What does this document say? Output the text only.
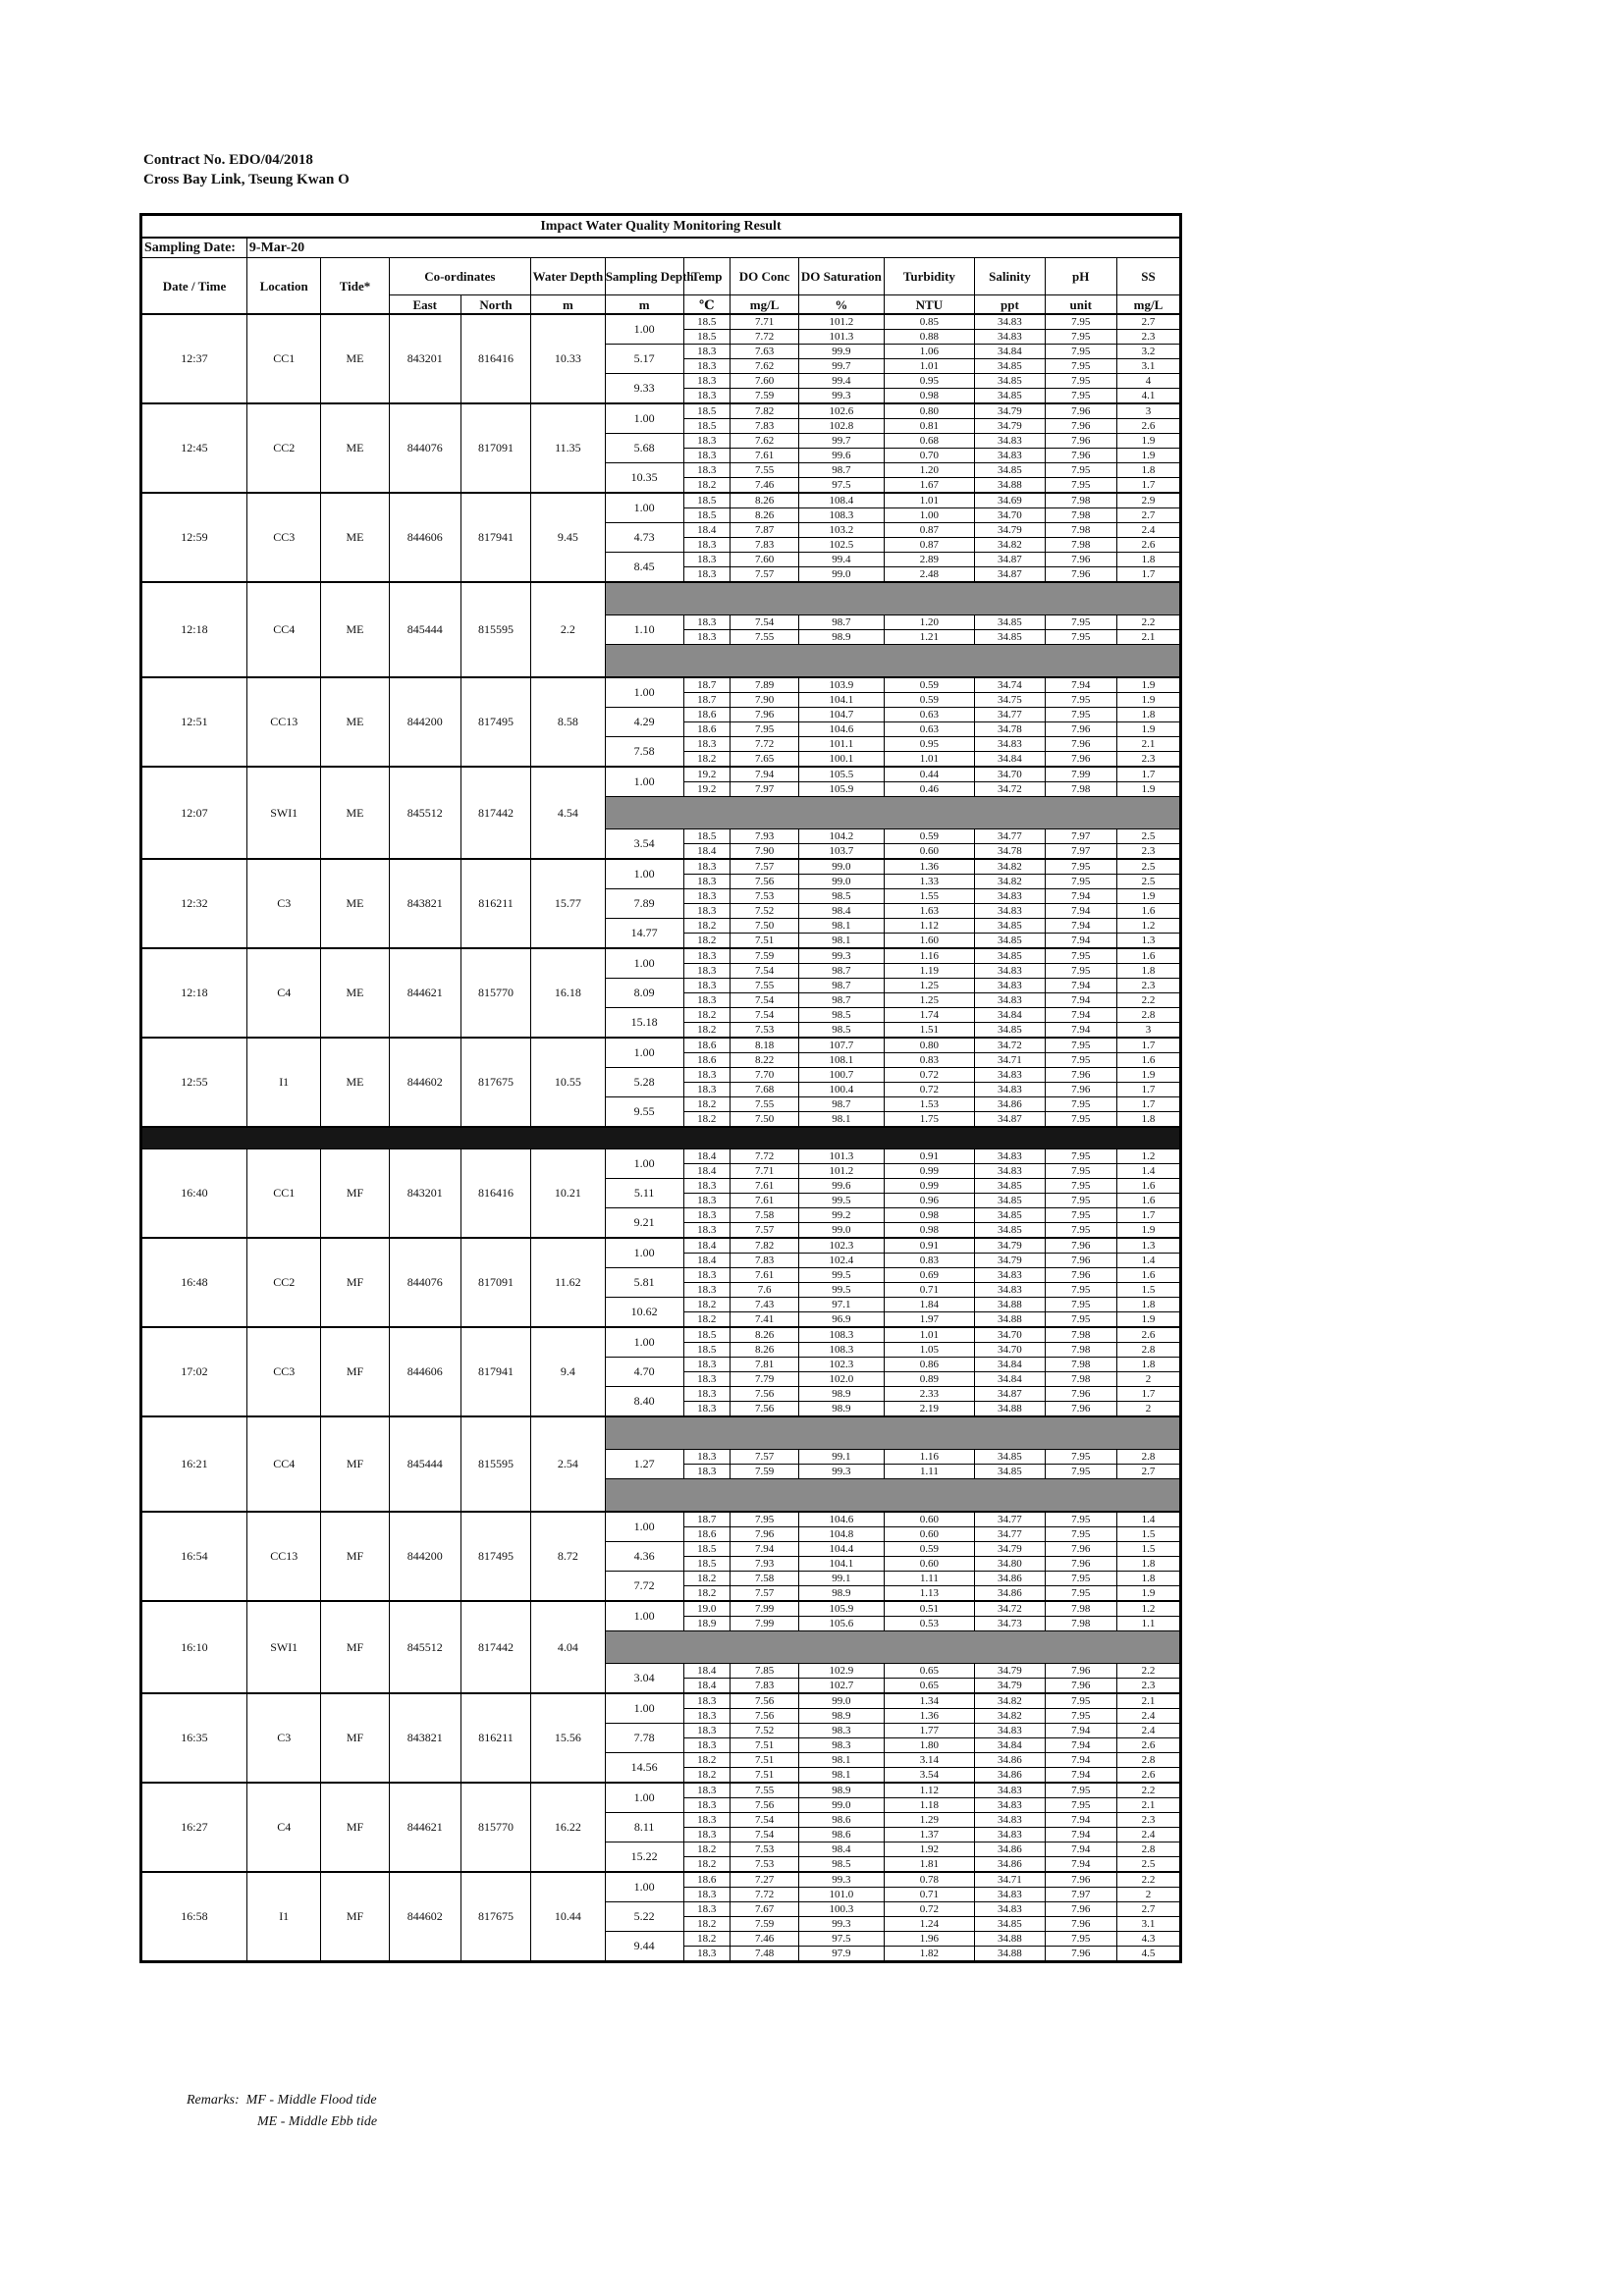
Contract No. EDO/04/2018
Cross Bay Link, Tseung Kwan O
Impact Water Quality Monitoring Result													
Sampling Date:	9-Mar-20												
Date / Time	Location	Tide*	Co-ordinates		Water Depth	Sampling Depth	Temp	DO Conc	DO Saturation	Turbidity	Salinity	pH	SS
			East	North	m	m	℃	mg/L	%	NTU	ppt	unit	mg/L
12:37	CC1	ME	843201	816416	10.33	1.00	18.5	7.71	101.2	0.85	34.83	7.95	2.7
							18.5	7.72	101.3	0.88	34.83	7.95	2.3
						5.17	18.3	7.63	99.9	1.06	34.84	7.95	3.2
							18.3	7.62	99.7	1.01	34.85	7.95	3.1
						9.33	18.3	7.60	99.4	0.95	34.85	7.95	4
							18.3	7.59	99.3	0.98	34.85	7.95	4.1
12:45	CC2	ME	844076	817091	11.35	1.00	18.5	7.82	102.6	0.80	34.79	7.96	3
							18.5	7.83	102.8	0.81	34.79	7.96	2.6
						5.68	18.3	7.62	99.7	0.68	34.83	7.96	1.9
							18.3	7.61	99.6	0.70	34.83	7.96	1.9
						10.35	18.3	7.55	98.7	1.20	34.85	7.95	1.8
							18.2	7.46	97.5	1.67	34.88	7.95	1.7
12:59	CC3	ME	844606	817941	9.45	1.00	18.5	8.26	108.4	1.01	34.69	7.98	2.9
							18.5	8.26	108.3	1.00	34.70	7.98	2.7
						4.73	18.4	7.87	103.2	0.87	34.79	7.98	2.4
							18.3	7.83	102.5	0.87	34.82	7.98	2.6
						8.45	18.3	7.60	99.4	2.89	34.87	7.96	1.8
							18.3	7.57	99.0	2.48	34.87	7.96	1.7
12:18	CC4	ME	845444	815595	2.2								
						1.10	18.3	7.54	98.7	1.20	34.85	7.95	2.2
							18.3	7.55	98.9	1.21	34.85	7.95	2.1

12:51	CC13	ME	844200	817495	8.58	1.00	18.7	7.89	103.9	0.59	34.74	7.94	1.9
							18.7	7.90	104.1	0.59	34.75	7.95	1.9
						4.29	18.6	7.96	104.7	0.63	34.77	7.95	1.8
							18.6	7.95	104.6	0.63	34.78	7.96	1.9
						7.58	18.3	7.72	101.1	0.95	34.83	7.96	2.1
							18.2	7.65	100.1	1.01	34.84	7.96	2.3
12:07	SWI1	ME	845512	817442	4.54	1.00	19.2	7.94	105.5	0.44	34.70	7.99	1.7
							19.2	7.97	105.9	0.46	34.72	7.98	1.9

						3.54	18.5	7.93	104.2	0.59	34.77	7.97	2.5
							18.4	7.90	103.7	0.60	34.78	7.97	2.3
12:32	C3	ME	843821	816211	15.77	1.00	18.3	7.57	99.0	1.36	34.82	7.95	2.5
							18.3	7.56	99.0	1.33	34.82	7.95	2.5
						7.89	18.3	7.53	98.5	1.55	34.83	7.94	1.9
							18.3	7.52	98.4	1.63	34.83	7.94	1.6
						14.77	18.2	7.50	98.1	1.12	34.85	7.94	1.2
							18.2	7.51	98.1	1.60	34.85	7.94	1.3
12:18	C4	ME	844621	815770	16.18	1.00	18.3	7.59	99.3	1.16	34.85	7.95	1.6
							18.3	7.54	98.7	1.19	34.83	7.95	1.8
						8.09	18.3	7.55	98.7	1.25	34.83	7.94	2.3
							18.3	7.54	98.7	1.25	34.83	7.94	2.2
						15.18	18.2	7.54	98.5	1.74	34.84	7.94	2.8
							18.2	7.53	98.5	1.51	34.85	7.94	3
12:55	I1	ME	844602	817675	10.55	1.00	18.6	8.18	107.7	0.80	34.72	7.95	1.7
							18.6	8.22	108.1	0.83	34.71	7.95	1.6
						5.28	18.3	7.70	100.7	0.72	34.83	7.96	1.9
							18.3	7.68	100.4	0.72	34.83	7.96	1.7
						9.55	18.2	7.55	98.7	1.53	34.86	7.95	1.7
							18.2	7.50	98.1	1.75	34.87	7.95	1.8

16:40	CC1	MF	843201	816416	10.21	1.00	18.4	7.72	101.3	0.91	34.83	7.95	1.2
							18.4	7.71	101.2	0.99	34.83	7.95	1.4
						5.11	18.3	7.61	99.6	0.99	34.85	7.95	1.6
							18.3	7.61	99.5	0.96	34.85	7.95	1.6
						9.21	18.3	7.58	99.2	0.98	34.85	7.95	1.7
							18.3	7.57	99.0	0.98	34.85	7.95	1.9
16:48	CC2	MF	844076	817091	11.62	1.00	18.4	7.82	102.3	0.91	34.79	7.96	1.3
							18.4	7.83	102.4	0.83	34.79	7.96	1.4
						5.81	18.3	7.61	99.5	0.69	34.83	7.96	1.6
							18.3	7.6	99.5	0.71	34.83	7.95	1.5
						10.62	18.2	7.43	97.1	1.84	34.88	7.95	1.8
							18.2	7.41	96.9	1.97	34.88	7.95	1.9
17:02	CC3	MF	844606	817941	9.4	1.00	18.5	8.26	108.3	1.01	34.70	7.98	2.6
							18.5	8.26	108.3	1.05	34.70	7.98	2.8
						4.70	18.3	7.81	102.3	0.86	34.84	7.98	1.8
							18.3	7.79	102.0	0.89	34.84	7.98	2
						8.40	18.3	7.56	98.9	2.33	34.87	7.96	1.7
							18.3	7.56	98.9	2.19	34.88	7.96	2
16:21	CC4	MF	845444	815595	2.54								
						1.27	18.3	7.57	99.1	1.16	34.85	7.95	2.8
							18.3	7.59	99.3	1.11	34.85	7.95	2.7

16:54	CC13	MF	844200	817495	8.72	1.00	18.7	7.95	104.6	0.60	34.77	7.95	1.4
							18.6	7.96	104.8	0.60	34.77	7.95	1.5
						4.36	18.5	7.94	104.4	0.59	34.79	7.96	1.5
							18.5	7.93	104.1	0.60	34.80	7.96	1.8
						7.72	18.2	7.58	99.1	1.11	34.86	7.95	1.8
							18.2	7.57	98.9	1.13	34.86	7.95	1.9
16:10	SWI1	MF	845512	817442	4.04	1.00	19.0	7.99	105.9	0.51	34.72	7.98	1.2
							18.9	7.99	105.6	0.53	34.73	7.98	1.1

						3.04	18.4	7.85	102.9	0.65	34.79	7.96	2.2
							18.4	7.83	102.7	0.65	34.79	7.96	2.3
16:35	C3	MF	843821	816211	15.56	1.00	18.3	7.56	99.0	1.34	34.82	7.95	2.1
							18.3	7.56	98.9	1.36	34.82	7.95	2.4
						7.78	18.3	7.52	98.3	1.77	34.83	7.94	2.4
							18.3	7.51	98.3	1.80	34.84	7.94	2.6
						14.56	18.2	7.51	98.1	3.14	34.86	7.94	2.8
							18.2	7.51	98.1	3.54	34.86	7.94	2.6
16:27	C4	MF	844621	815770	16.22	1.00	18.3	7.55	98.9	1.12	34.83	7.95	2.2
							18.3	7.56	99.0	1.18	34.83	7.95	2.1
						8.11	18.3	7.54	98.6	1.29	34.83	7.94	2.3
							18.3	7.54	98.6	1.37	34.83	7.94	2.4
						15.22	18.2	7.53	98.4	1.92	34.86	7.94	2.8
							18.2	7.53	98.5	1.81	34.86	7.94	2.5
16:58	I1	MF	844602	817675	10.44	1.00	18.6	7.27	99.3	0.78	34.71	7.96	2.2
							18.3	7.72	101.0	0.71	34.83	7.97	2
						5.22	18.3	7.67	100.3	0.72	34.83	7.96	2.7
							18.2	7.59	99.3	1.24	34.85	7.96	3.1
						9.44	18.2	7.46	97.5	1.96	34.88	7.95	4.3
							18.3	7.48	97.9	1.82	34.88	7.96	4.5
Remarks: MF - Middle Flood tide
ME - Middle Ebb tide
